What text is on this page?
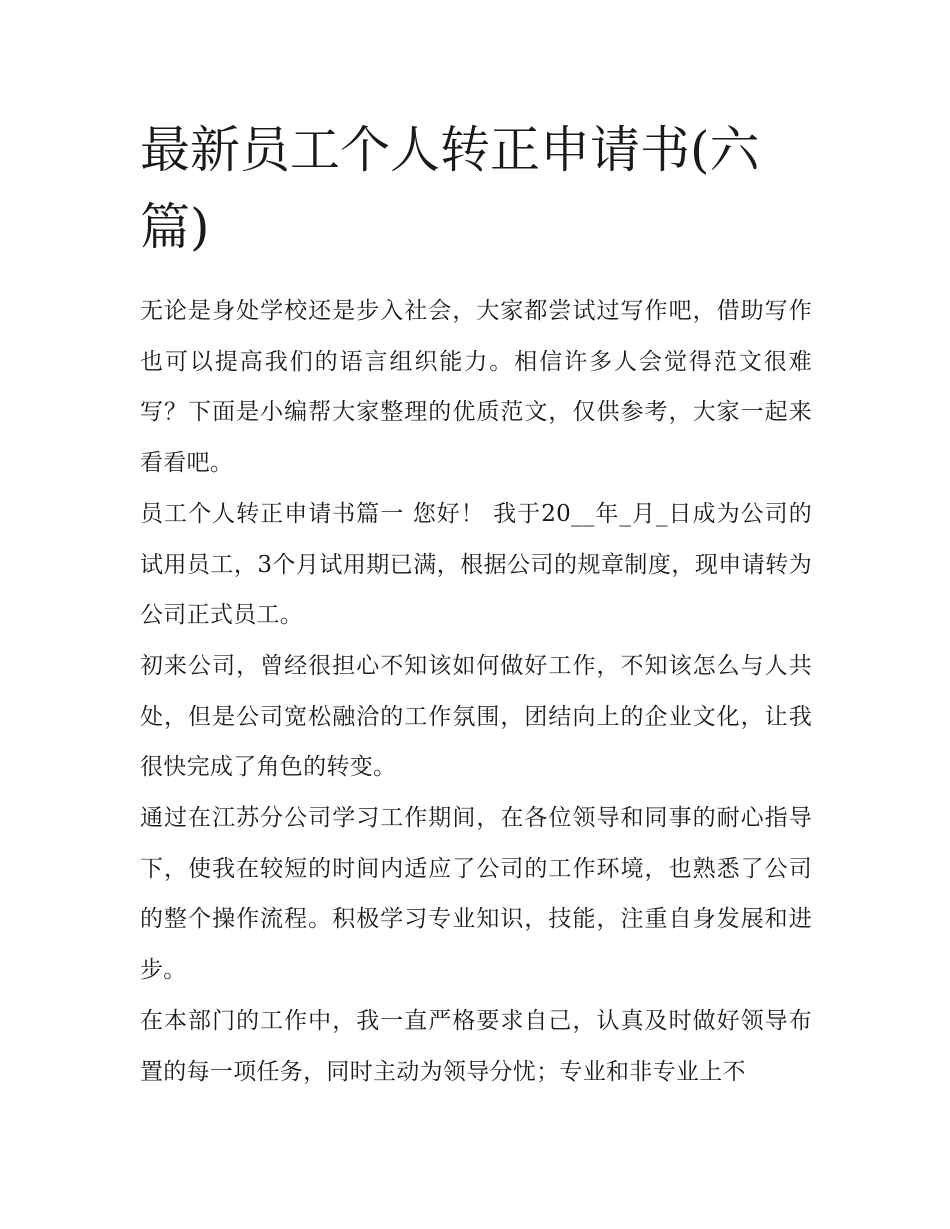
最新员工个人转正申请书(六篇)

无论是身处学校还是步入社会，大家都尝试过写作吧，借助写作也可以提高我们的语言组织能力。相信许多人会觉得范文很难写？下面是小编帮大家整理的优质范文，仅供参考，大家一起来看看吧。

员工个人转正申请书篇一 您好！ 我于20__年_月_日成为公司的试用员工，3个月试用期已满，根据公司的规章制度，现申请转为公司正式员工。

初来公司，曾经很担心不知该如何做好工作，不知该怎么与人共处，但是公司宽松融洽的工作氛围，团结向上的企业文化，让我很快完成了角色的转变。

通过在江苏分公司学习工作期间，在各位领导和同事的耐心指导下，使我在较短的时间内适应了公司的工作环境，也熟悉了公司的整个操作流程。积极学习专业知识，技能，注重自身发展和进步。

在本部门的工作中，我一直严格要求自己，认真及时做好领导布置的每一项任务，同时主动为领导分忧；专业和非专业上不
